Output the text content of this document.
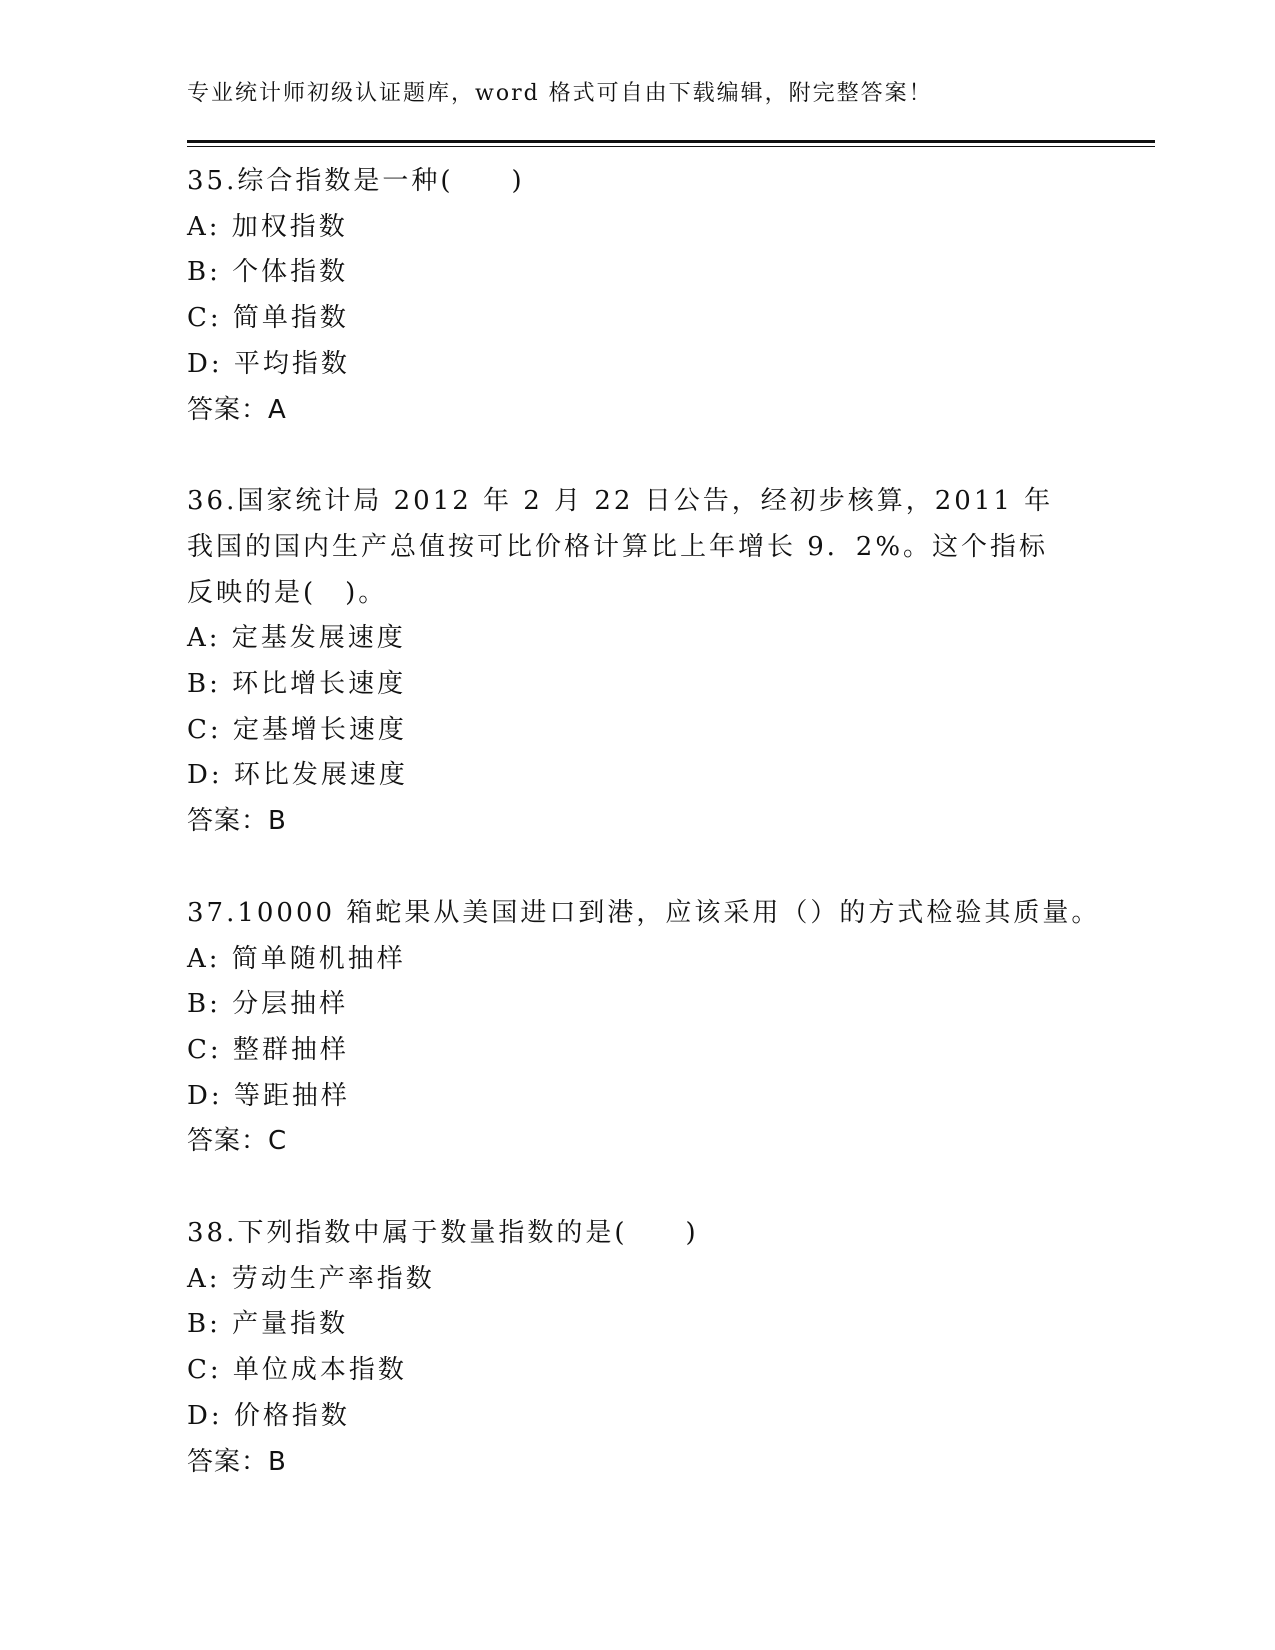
专业统计师初级认证题库，word 格式可自由下载编辑，附完整答案！
35.综合指数是一种(　　)
A: 加权指数
B: 个体指数
C: 简单指数
D: 平均指数
答案：A
36.国家统计局 2012 年 2 月 22 日公告，经初步核算，2011 年我国的国内生产总值按可比价格计算比上年增长 9．2%。这个指标反映的是(　)。
A: 定基发展速度
B: 环比增长速度
C: 定基增长速度
D: 环比发展速度
答案：B
37.10000 箱蛇果从美国进口到港，应该采用（）的方式检验其质量。
A: 简单随机抽样
B: 分层抽样
C: 整群抽样
D: 等距抽样
答案：C
38.下列指数中属于数量指数的是(　　)
A: 劳动生产率指数
B: 产量指数
C: 单位成本指数
D: 价格指数
答案：B
